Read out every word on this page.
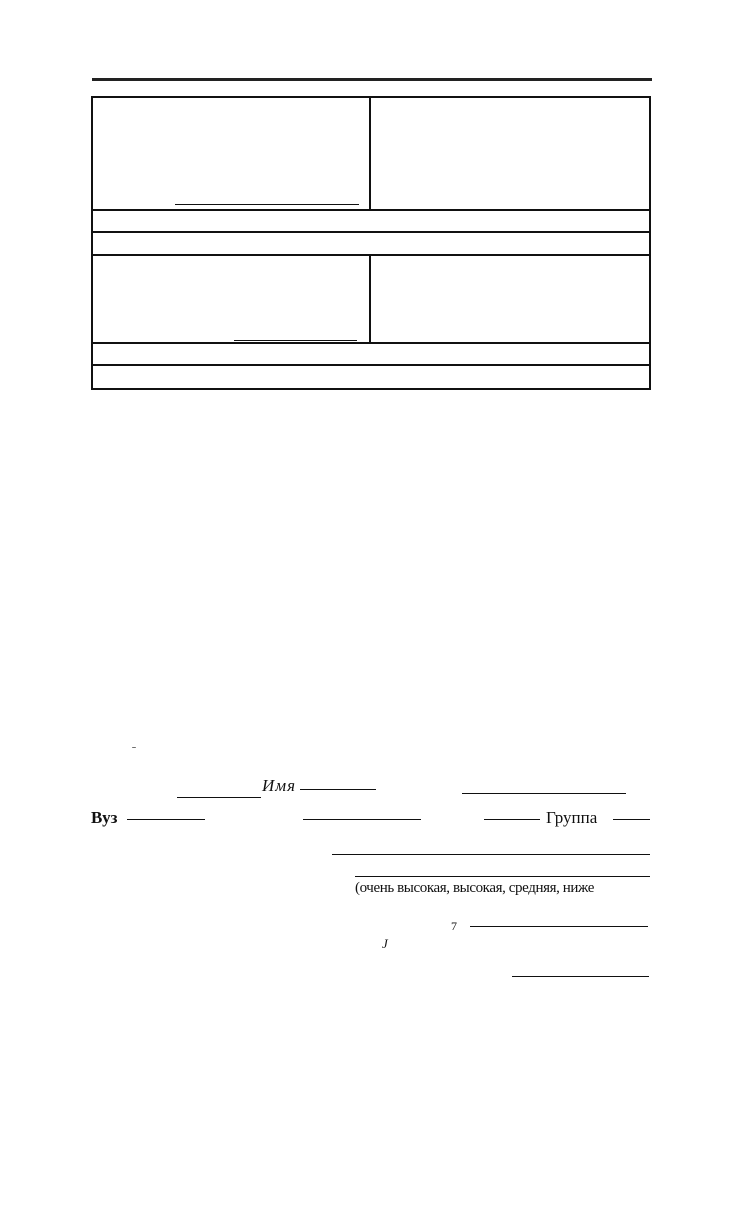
ˉ
Имя
Вуз	Группа
(очень высокая, высокая, средняя, ниже
7
J
